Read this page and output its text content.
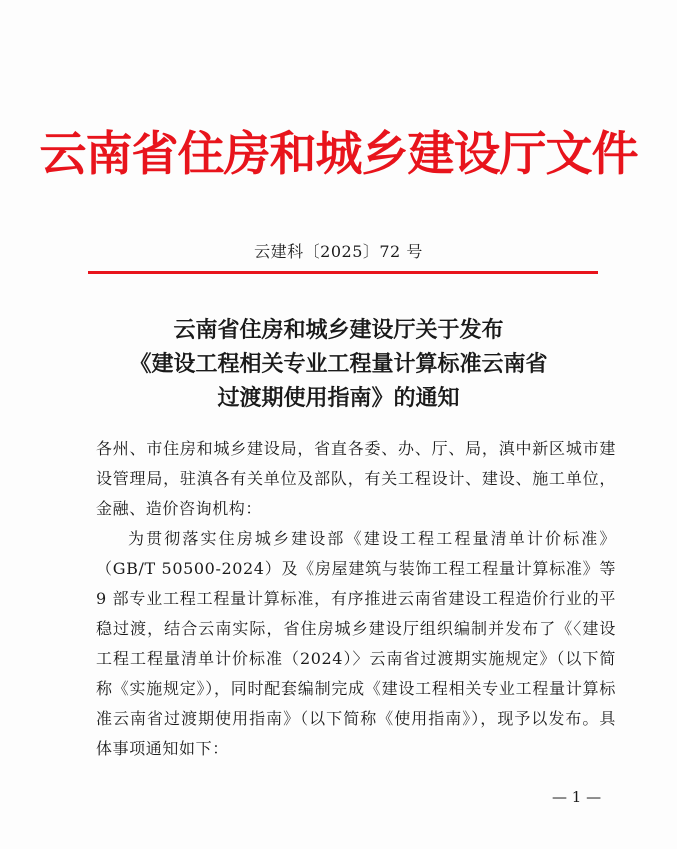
云南省住房和城乡建设厅文件
云建科〔2025〕72 号
云南省住房和城乡建设厅关于发布
《建设工程相关专业工程量计算标准云南省
过渡期使用指南》的通知

各州、市住房和城乡建设局，省直各委、办、厅、局，滇中新区城市建设管理局，驻滇各有关单位及部队，有关工程设计、建设、施工单位，金融、造价咨询机构：

为贯彻落实住房城乡建设部《建设工程工程量清单计价标准》（GB/T 50500-2024）及《房屋建筑与装饰工程工程量计算标准》等 9 部专业工程工程量计算标准，有序推进云南省建设工程造价行业的平稳过渡，结合云南实际，省住房城乡建设厅组织编制并发布了《〈建设工程工程量清单计价标准（2024）〉云南省过渡期实施规定》（以下简称《实施规定》），同时配套编制完成《建设工程相关专业工程量计算标准云南省过渡期使用指南》（以下简称《使用指南》），现予以发布。具体事项通知如下：

— 1 —
